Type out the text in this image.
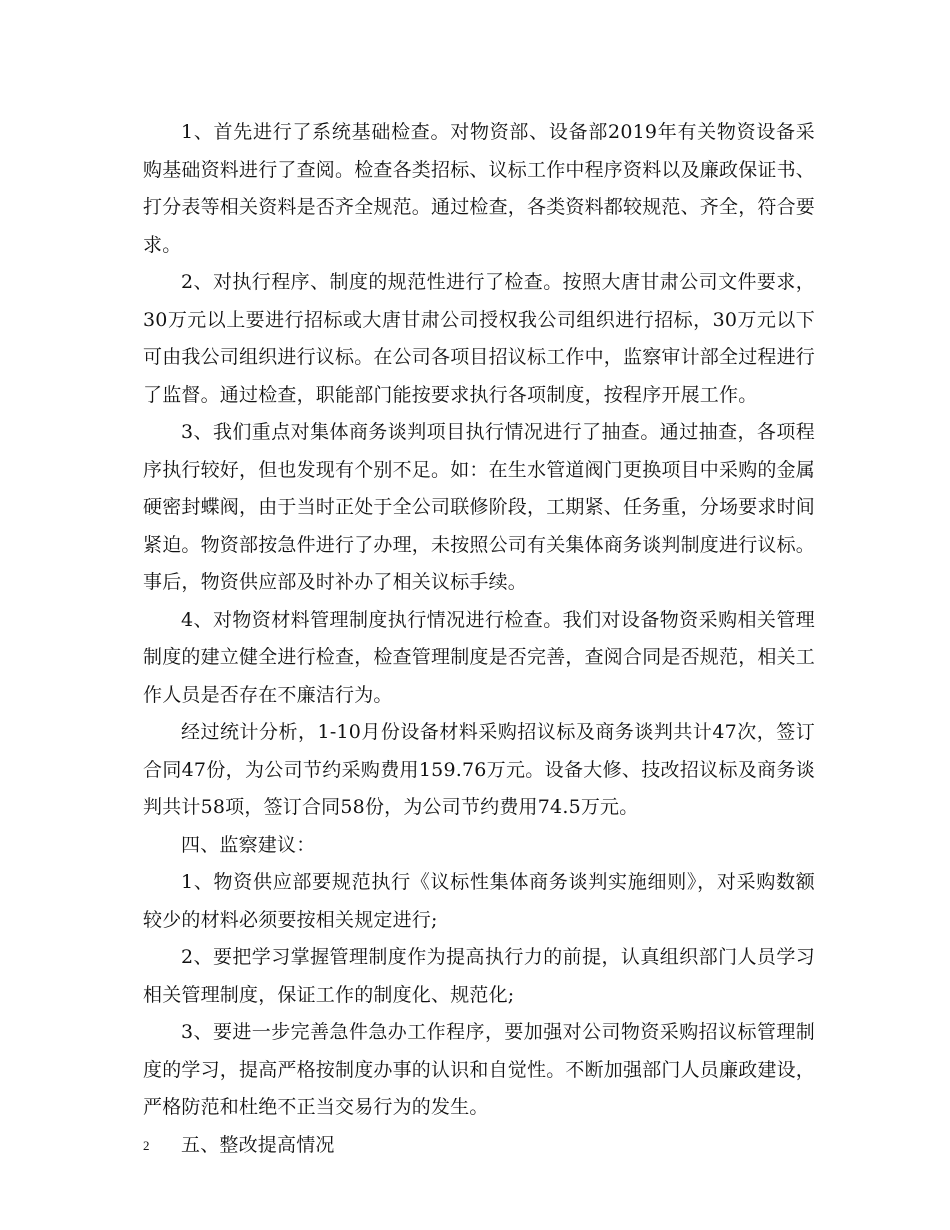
1、首先进行了系统基础检查。对物资部、设备部2019年有关物资设备采购基础资料进行了查阅。检查各类招标、议标工作中程序资料以及廉政保证书、打分表等相关资料是否齐全规范。通过检查，各类资料都较规范、齐全，符合要求。

2、对执行程序、制度的规范性进行了检查。按照大唐甘肃公司文件要求，30万元以上要进行招标或大唐甘肃公司授权我公司组织进行招标，30万元以下可由我公司组织进行议标。在公司各项目招议标工作中，监察审计部全过程进行了监督。通过检查，职能部门能按要求执行各项制度，按程序开展工作。

3、我们重点对集体商务谈判项目执行情况进行了抽查。通过抽查，各项程序执行较好，但也发现有个别不足。如：在生水管道阀门更换项目中采购的金属硬密封蝶阀，由于当时正处于全公司联修阶段，工期紧、任务重，分场要求时间紧迫。物资部按急件进行了办理，未按照公司有关集体商务谈判制度进行议标。事后，物资供应部及时补办了相关议标手续。

4、对物资材料管理制度执行情况进行检查。我们对设备物资采购相关管理制度的建立健全进行检查，检查管理制度是否完善，查阅合同是否规范，相关工作人员是否存在不廉洁行为。

经过统计分析，1-10月份设备材料采购招议标及商务谈判共计47次，签订合同47份，为公司节约采购费用159.76万元。设备大修、技改招议标及商务谈判共计58项，签订合同58份，为公司节约费用74.5万元。

四、监察建议：

1、物资供应部要规范执行《议标性集体商务谈判实施细则》，对采购数额较少的材料必须要按相关规定进行;

2、要把学习掌握管理制度作为提高执行力的前提，认真组织部门人员学习相关管理制度，保证工作的制度化、规范化;

3、要进一步完善急件急办工作程序，要加强对公司物资采购招议标管理制度的学习，提高严格按制度办事的认识和自觉性。不断加强部门人员廉政建设，严格防范和杜绝不正当交易行为的发生。

五、整改提高情况

2
